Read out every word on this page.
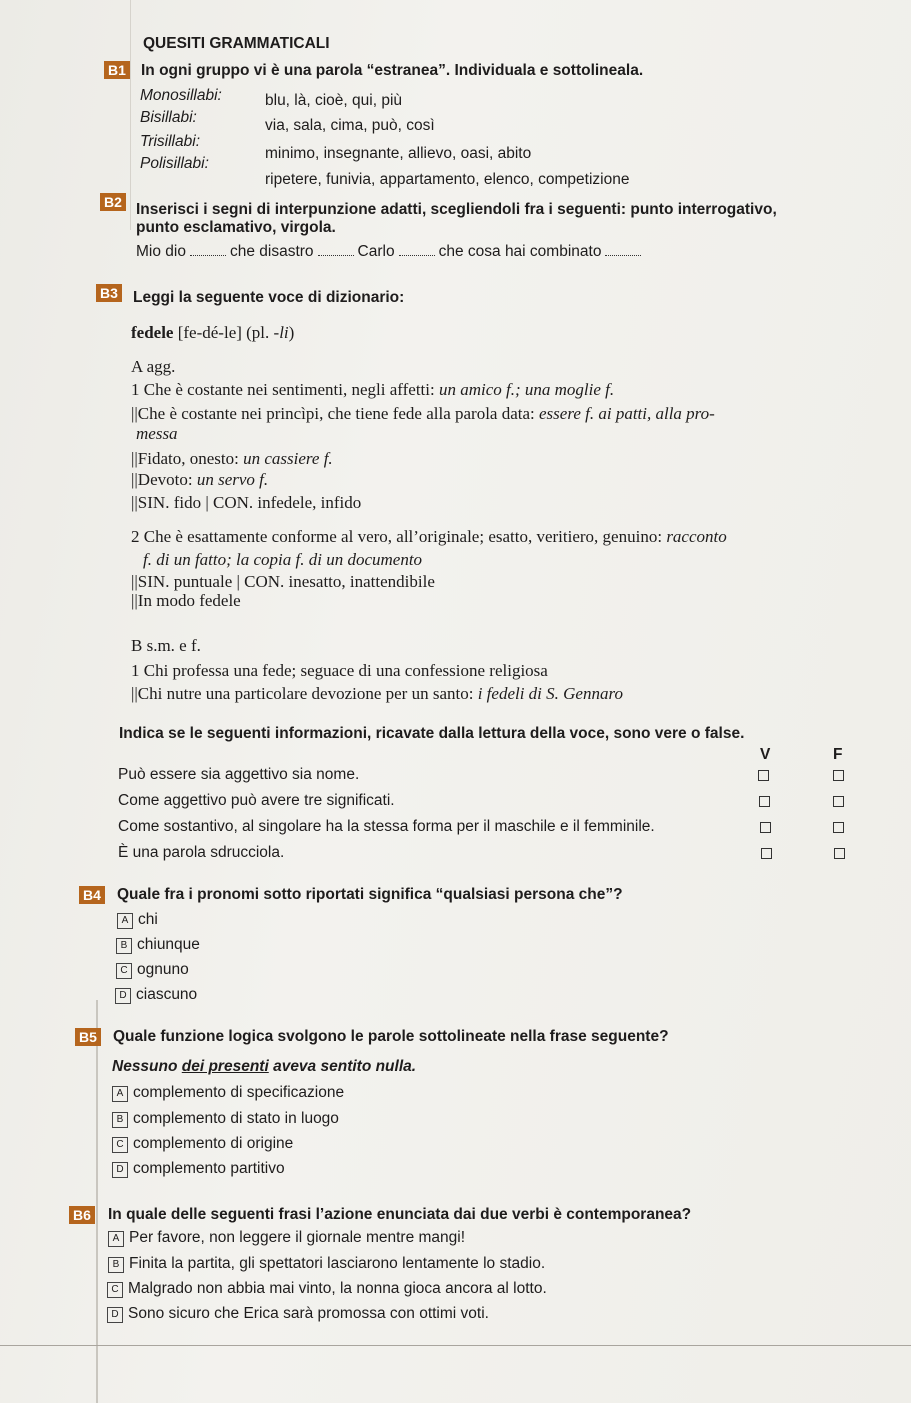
QUESITI GRAMMATICALI
B1 In ogni gruppo vi è una parola “estranea”. Individuala e sottolineala.
Monosillabi:	blu, là, cioè, qui, più
Bisillabi:	via, sala, cima, può, così
Trisillabi:
minimo, insegnante, allievo, oasi, abito
Polisillabi:
ripetere, funivia, appartamento, elenco, competizione
B2 Inserisci i segni di interpunzione adatti, scegliendoli fra i seguenti: punto interrogativo,
punto esclamativo, virgola.
Mio dio	che disastro	Carlo	che cosa hai combinato
B3 Leggi la seguente voce di dizionario:
fedele [fe-dé-le] (pl. -li)
A agg.
1 Che è costante nei sentimenti, negli affetti: un amico f.; una moglie f.
||Che è costante nei princìpi, che tiene fede alla parola data: essere f. ai patti, alla pro-
messa
||Fidato, onesto: un cassiere f.
||Devoto: un servo f.
||SIN. fido | CON. infedele, infido
2 Che è esattamente conforme al vero, all’originale; esatto, veritiero, genuino: racconto
f. di un fatto; la copia f. di un documento
||SIN. puntuale | CON. inesatto, inattendibile
||In modo fedele
B s.m. e f.
1 Chi professa una fede; seguace di una confessione religiosa
||Chi nutre una particolare devozione per un santo: i fedeli di S. Gennaro
Indica se le seguenti informazioni, ricavate dalla lettura della voce, sono vere o false.
V	F
Può essere sia aggettivo sia nome.
Come aggettivo può avere tre significati.
Come sostantivo, al singolare ha la stessa forma per il maschile e il femminile.
È una parola sdrucciola.
B4 Quale fra i pronomi sotto riportati significa “qualsiasi persona che”?
A chi
B chiunque
C ognuno
D ciascuno
B5 Quale funzione logica svolgono le parole sottolineate nella frase seguente?
Nessuno dei presenti aveva sentito nulla.
A complemento di specificazione
B complemento di stato in luogo
C complemento di origine
D complemento partitivo
B6 In quale delle seguenti frasi l’azione enunciata dai due verbi è contemporanea?
A Per favore, non leggere il giornale mentre mangi!
B Finita la partita, gli spettatori lasciarono lentamente lo stadio.
C Malgrado non abbia mai vinto, la nonna gioca ancora al lotto.
D Sono sicuro che Erica sarà promossa con ottimi voti.
